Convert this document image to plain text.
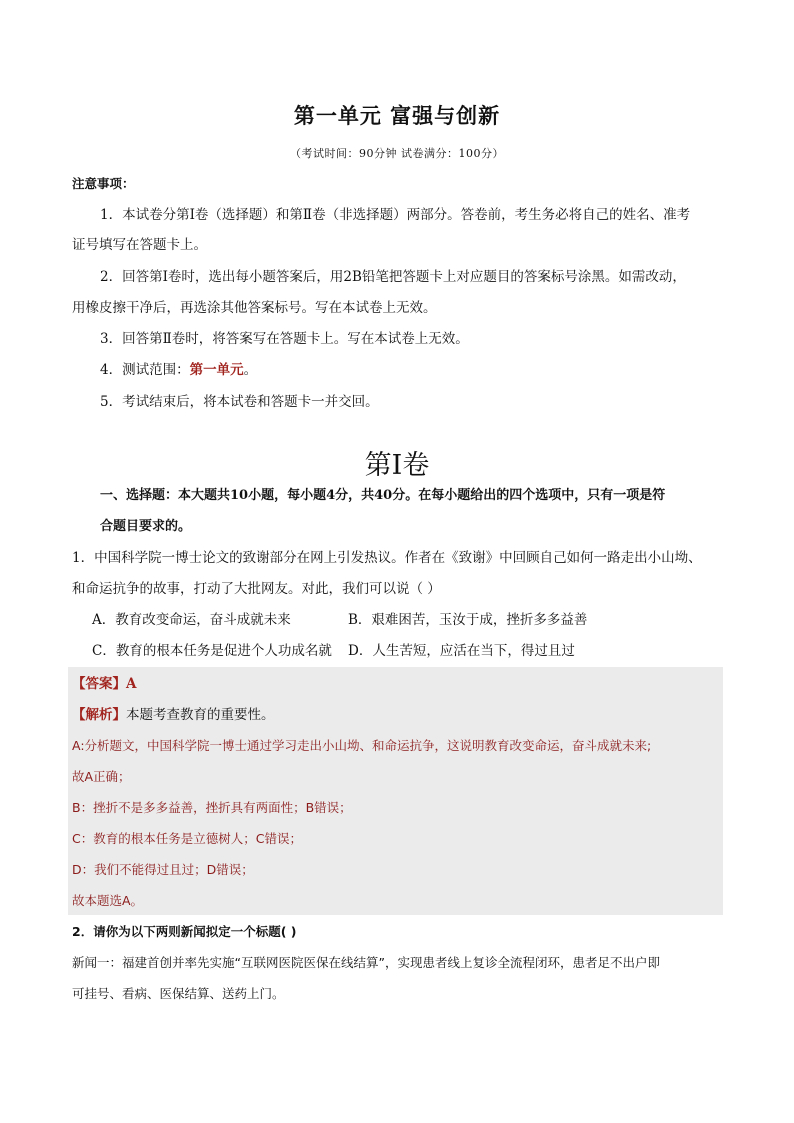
第一单元 富强与创新
（考试时间：90分钟 试卷满分：100分）
注意事项：
1．本试卷分第Ⅰ卷（选择题）和第Ⅱ卷（非选择题）两部分。答卷前，考生务必将自己的姓名、准考
证号填写在答题卡上。
2．回答第Ⅰ卷时，选出每小题答案后，用2B铅笔把答题卡上对应题目的答案标号涂黑。如需改动，
用橡皮擦干净后，再选涂其他答案标号。写在本试卷上无效。
3．回答第Ⅱ卷时，将答案写在答题卡上。写在本试卷上无效。
4．测试范围：第一单元。
5．考试结束后，将本试卷和答题卡一并交回。
第Ⅰ卷
一、选择题：本大题共10小题，每小题4分，共40分。在每小题给出的四个选项中，只有一项是符
合题目要求的。
1．中国科学院一博士论文的致谢部分在网上引发热议。作者在《致谢》中回顾自己如何一路走出小山坳、
和命运抗争的故事，打动了大批网友。对此，我们可以说（ ）
A．教育改变命运，奋斗成就未来	B．艰难困苦，玉汝于成，挫折多多益善
C．教育的根本任务是促进个人功成名就 D．人生苦短，应活在当下，得过且过
【答案】A
【解析】本题考查教育的重要性。
A:分析题文，中国科学院一博士通过学习走出小山坳、和命运抗争，这说明教育改变命运，奋斗成就未来;
故A正确；
B：挫折不是多多益善，挫折具有两面性；B错误；
C：教育的根本任务是立德树人；C错误；
D：我们不能得过且过；D错误；
故本题选A。
2．请你为以下两则新闻拟定一个标题( )
新闻一：福建首创并率先实施“互联网医院医保在线结算”，实现患者线上复诊全流程闭环，患者足不出户即
可挂号、看病、医保结算、送药上门。
